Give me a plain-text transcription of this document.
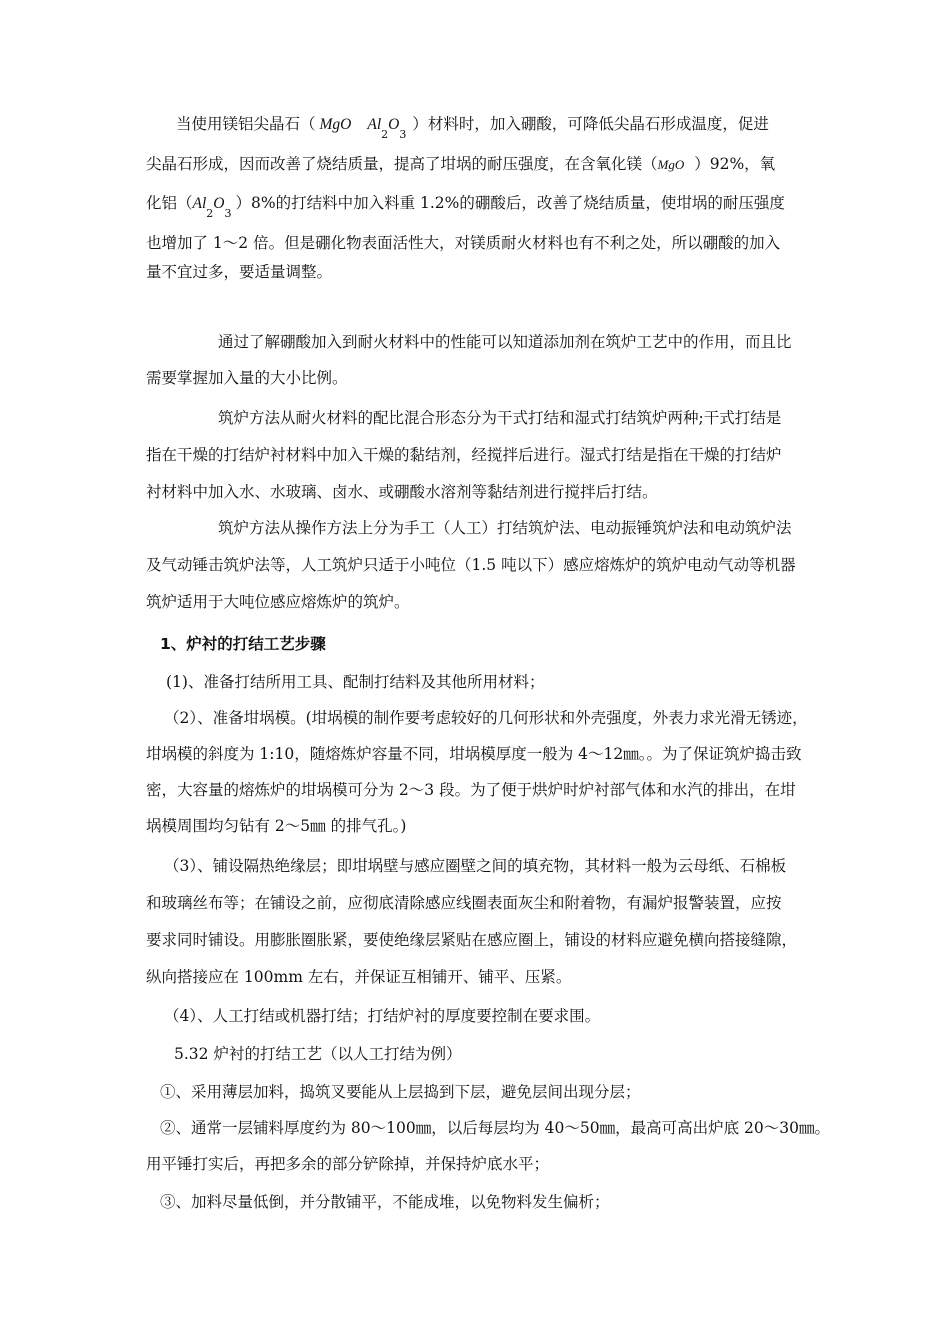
当使用镁铝尖晶石（ MgO $Al_2O_3$）材料时，加入硼酸，可降低尖晶石形成温度，促进
尖晶石形成，因而改善了烧结质量，提高了坩埚的耐压强度，在含氧化镁（MgO ）92%，氧
化铝$(Al_2O_3)8\%$的打结料中加入料重 1.2%的硼酸后，改善了烧结质量，使坩埚的耐压强度
也增加了 1～2 倍。但是硼化物表面活性大，对镁质耐火材料也有不利之处，所以硼酸的加入
量不宜过多，要适量调整。
通过了解硼酸加入到耐火材料中的性能可以知道添加剂在筑炉工艺中的作用，而且比
需要掌握加入量的大小比例。
筑炉方法从耐火材料的配比混合形态分为干式打结和湿式打结筑炉两种;干式打结是
指在干燥的打结炉衬材料中加入干燥的黏结剂，经搅拌后进行。湿式打结是指在干燥的打结炉
衬材料中加入水、水玻璃、卤水、或硼酸水溶剂等黏结剂进行搅拌后打结。
筑炉方法从操作方法上分为手工（人工）打结筑炉法、电动振锤筑炉法和电动筑炉法
及气动锤击筑炉法等，人工筑炉只适于小吨位（1.5 吨以下）感应熔炼炉的筑炉电动气动等机器
筑炉适用于大吨位感应熔炼炉的筑炉。
1、炉衬的打结工艺步骤
(1)、准备打结所用工具、配制打结料及其他所用材料；
（2）、准备坩埚模。(坩埚模的制作要考虑较好的几何形状和外壳强度，外表力求光滑无锈迹，
坩埚模的斜度为 1:10，随熔炼炉容量不同，坩埚模厚度一般为 4～12㎜。。为了保证筑炉捣击致
密，大容量的熔炼炉的坩埚模可分为 2～3 段。为了便于烘炉时炉衬部气体和水汽的排出，在坩
埚模周围均匀钻有 2～5㎜ 的排气孔。)
（3）、铺设隔热绝缘层；即坩埚壁与感应圈壁之间的填充物，其材料一般为云母纸、石棉板
和玻璃丝布等；在铺设之前，应彻底清除感应线圈表面灰尘和附着物，有漏炉报警装置，应按
要求同时铺设。用膨胀圈胀紧，要使绝缘层紧贴在感应圈上，铺设的材料应避免横向搭接缝隙，
纵向搭接应在 100mm 左右，并保证互相铺开、铺平、压紧。
（4）、人工打结或机器打结；打结炉衬的厚度要控制在要求围。
5.32 炉衬的打结工艺（以人工打结为例）
①、采用薄层加料，捣筑叉要能从上层捣到下层，避免层间出现分层；
②、通常一层铺料厚度约为 80～100㎜，以后每层均为 40～50㎜，最高可高出炉底 20～30㎜。
用平锤打实后，再把多余的部分铲除掉，并保持炉底水平；
③、加料尽量低倒，并分散铺平，不能成堆，以免物料发生偏析；
